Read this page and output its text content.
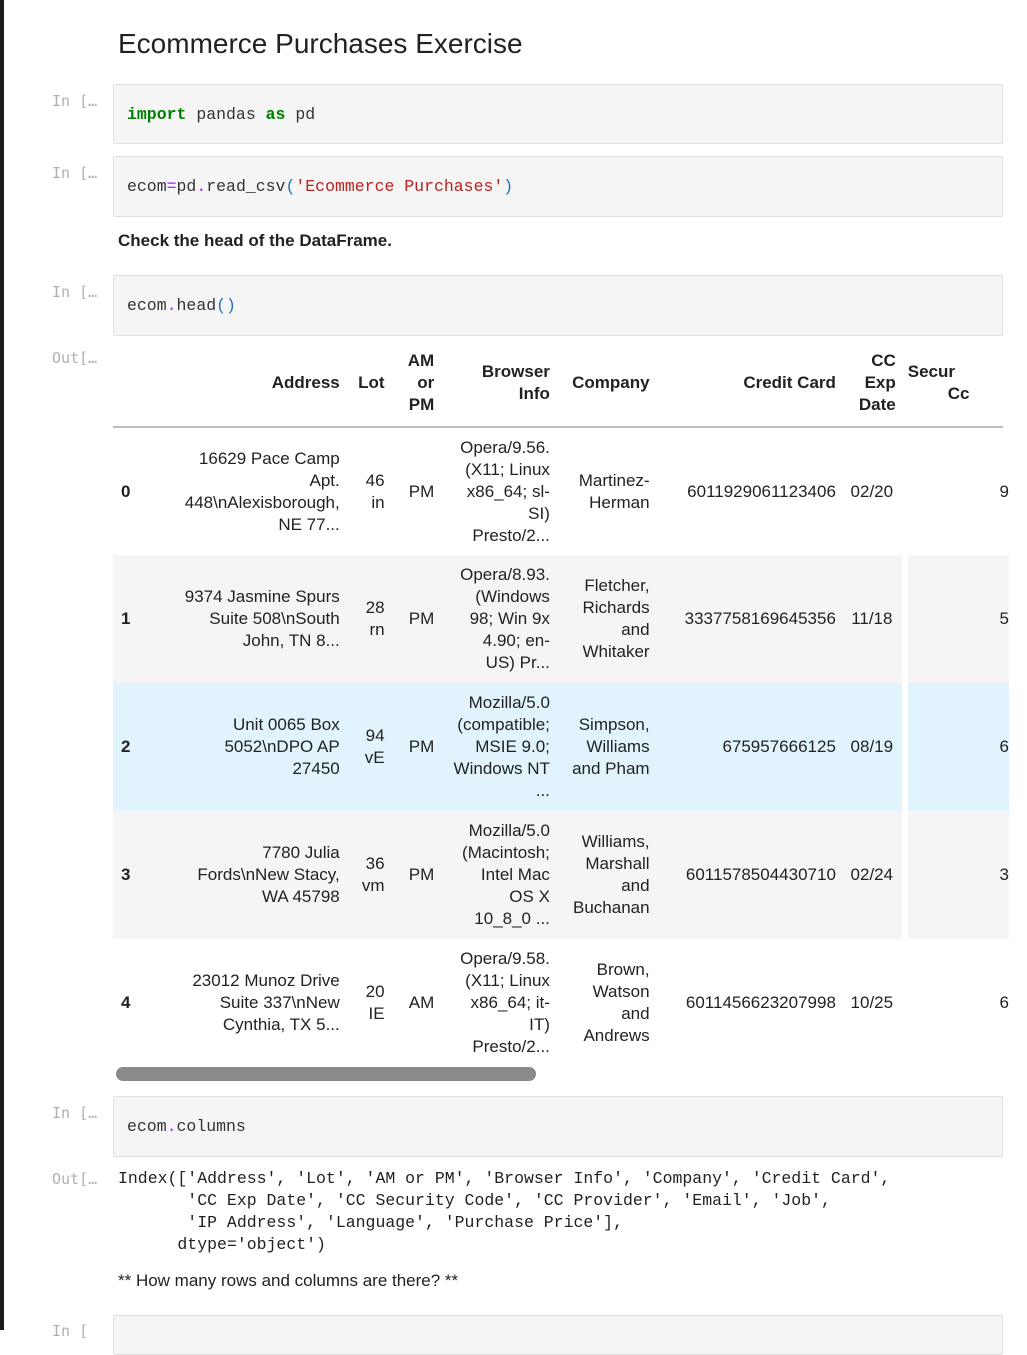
Ecommerce Purchases Exercise
In […
import pandas as pd
In […
ecom=pd.read_csv('Ecommerce Purchases')
Check the head of the DataFrame.
In […
ecom.head()
Out[…

Address	Lot	AM
or
PM	Browser
Info	Company	Credit Card	CC
Exp
Date	Secur
Cc

0	16629 Pace Camp
Apt.
448\nAlexisborough,
NE 77...	46
in	PM	Opera/9.56.
(X11; Linux
x86_64; sl-
SI)
Presto/2...	Martinez-
Herman	6011929061123406	02/20	9
1	9374 Jasmine Spurs
Suite 508\nSouth
John, TN 8...	28
rn	PM	Opera/8.93.
(Windows
98; Win 9x
4.90; en-
US) Pr...	Fletcher,
Richards
and
Whitaker	3337758169645356	11/18	5
2	Unit 0065 Box
5052\nDPO AP
27450	94
vE	PM	Mozilla/5.0
(compatible;
MSIE 9.0;
Windows NT
...	Simpson,
Williams
and Pham	675957666125	08/19	6
3	7780 Julia
Fords\nNew Stacy,
WA 45798	36
vm	PM	Mozilla/5.0
(Macintosh;
Intel Mac
OS X
10_8_0 ...	Williams,
Marshall
and
Buchanan	6011578504430710	02/24	3
4	23012 Munoz Drive
Suite 337\nNew
Cynthia, TX 5...	20
IE	AM	Opera/9.58.
(X11; Linux
x86_64; it-
IT)
Presto/2...	Brown,
Watson
and
Andrews	6011456623207998	10/25	6
In […
ecom.columns
Out[… Index(['Address', 'Lot', 'AM or PM', 'Browser Info', 'Company', 'Credit Card',
'CC Exp Date', 'CC Security Code', 'CC Provider', 'Email', 'Job',
'IP Address', 'Language', 'Purchase Price'],
dtype='object')
** How many rows and columns are there? **
In [
